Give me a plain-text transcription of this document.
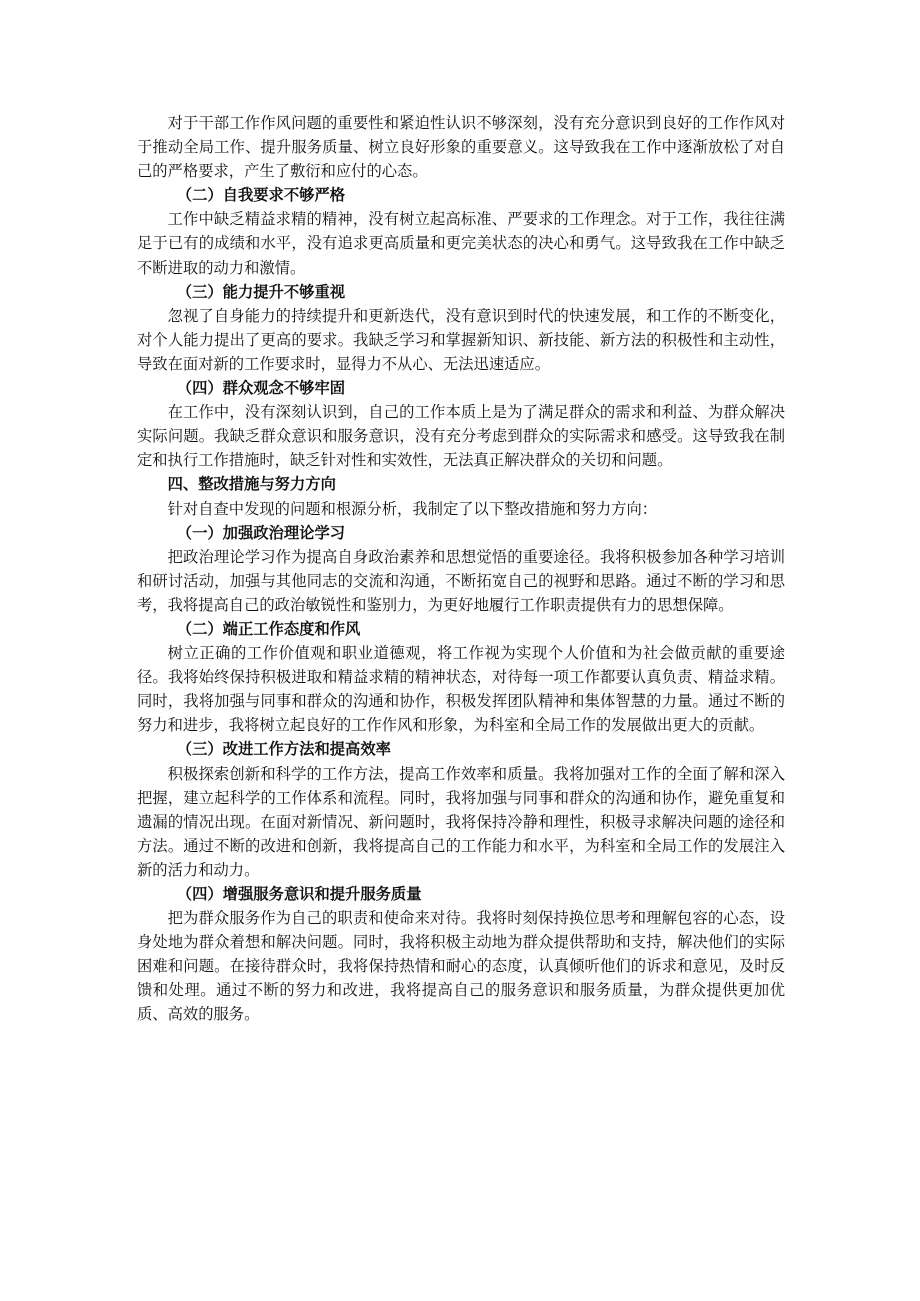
对于干部工作作风问题的重要性和紧迫性认识不够深刻，没有充分意识到良好的工作作风对于推动全局工作、提升服务质量、树立良好形象的重要意义。这导致我在工作中逐渐放松了对自己的严格要求，产生了敷衍和应付的心态。

（二）自我要求不够严格

工作中缺乏精益求精的精神，没有树立起高标准、严要求的工作理念。对于工作，我往往满足于已有的成绩和水平，没有追求更高质量和更完美状态的决心和勇气。这导致我在工作中缺乏不断进取的动力和激情。

（三）能力提升不够重视

忽视了自身能力的持续提升和更新迭代，没有意识到时代的快速发展，和工作的不断变化，对个人能力提出了更高的要求。我缺乏学习和掌握新知识、新技能、新方法的积极性和主动性，导致在面对新的工作要求时，显得力不从心、无法迅速适应。

（四）群众观念不够牢固

在工作中，没有深刻认识到，自己的工作本质上是为了满足群众的需求和利益、为群众解决实际问题。我缺乏群众意识和服务意识，没有充分考虑到群众的实际需求和感受。这导致我在制定和执行工作措施时，缺乏针对性和实效性，无法真正解决群众的关切和问题。

四、整改措施与努力方向

针对自查中发现的问题和根源分析，我制定了以下整改措施和努力方向：

（一）加强政治理论学习

把政治理论学习作为提高自身政治素养和思想觉悟的重要途径。我将积极参加各种学习培训和研讨活动，加强与其他同志的交流和沟通，不断拓宽自己的视野和思路。通过不断的学习和思考，我将提高自己的政治敏锐性和鉴别力，为更好地履行工作职责提供有力的思想保障。

（二）端正工作态度和作风

树立正确的工作价值观和职业道德观，将工作视为实现个人价值和为社会做贡献的重要途径。我将始终保持积极进取和精益求精的精神状态，对待每一项工作都要认真负责、精益求精。同时，我将加强与同事和群众的沟通和协作，积极发挥团队精神和集体智慧的力量。通过不断的努力和进步，我将树立起良好的工作作风和形象，为科室和全局工作的发展做出更大的贡献。

（三）改进工作方法和提高效率

积极探索创新和科学的工作方法，提高工作效率和质量。我将加强对工作的全面了解和深入把握，建立起科学的工作体系和流程。同时，我将加强与同事和群众的沟通和协作，避免重复和遗漏的情况出现。在面对新情况、新问题时，我将保持冷静和理性，积极寻求解决问题的途径和方法。通过不断的改进和创新，我将提高自己的工作能力和水平，为科室和全局工作的发展注入新的活力和动力。

（四）增强服务意识和提升服务质量

把为群众服务作为自己的职责和使命来对待。我将时刻保持换位思考和理解包容的心态，设身处地为群众着想和解决问题。同时，我将积极主动地为群众提供帮助和支持，解决他们的实际困难和问题。在接待群众时，我将保持热情和耐心的态度，认真倾听他们的诉求和意见，及时反馈和处理。通过不断的努力和改进，我将提高自己的服务意识和服务质量，为群众提供更加优质、高效的服务。
